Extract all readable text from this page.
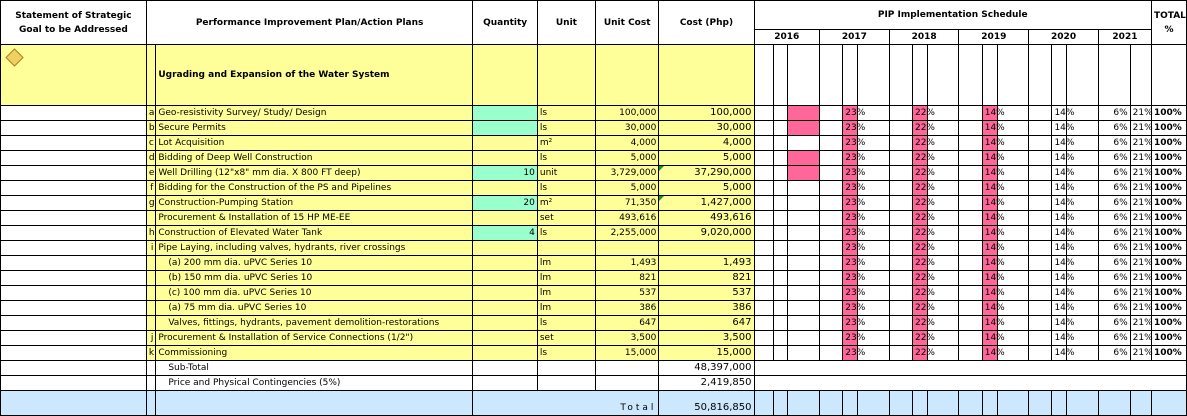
Statement of Strategic Goal to be Addressed	Performance Improvement Plan/Action Plans		Quantity	Unit	Unit Cost	Cost (Php)	PIP Implementation Schedule																	TOTAL %
							2016			2017			2018			2019			2020			2021		
		Ugrading and Expansion of the Water System																						
	a	Geo-resistivity Survey/ Study/ Design		ls	100,000	100,000					23%			22%			14%			14%		6%	21%	100%
	b	Secure Permits		ls	30,000	30,000					23%			22%			14%			14%		6%	21%	100%
	c	Lot Acquisition		m²	4,000	4,000					23%			22%			14%			14%		6%	21%	100%
	d	Bidding of Deep Well Construction		ls	5,000	5,000					23%			22%			14%			14%		6%	21%	100%
	e	Well Drilling (12"x8" mm dia. X 800 FT deep)	10	unit	3,729,000	37,290,000					23%			22%			14%			14%		6%	21%	100%
	f	Bidding for the Construction of the PS and Pipelines		ls	5,000	5,000					23%			22%			14%			14%		6%	21%	100%
	g	Construction-Pumping Station	20	m²	71,350	1,427,000					23%			22%			14%			14%		6%	21%	100%
		Procurement & Installation of 15 HP ME-EE		set	493,616	493,616					23%			22%			14%			14%		6%	21%	100%
	h	Construction of Elevated Water Tank	4	ls	2,255,000	9,020,000					23%			22%			14%			14%		6%	21%	100%
	i	Pipe Laying, including valves, hydrants, river crossings									23%			22%			14%			14%		6%	21%	100%
		(a) 200 mm dia. uPVC Series 10		lm	1,493	1,493					23%			22%			14%			14%		6%	21%	100%
		(b) 150 mm dia. uPVC Series 10		lm	821	821					23%			22%			14%			14%		6%	21%	100%
		(c) 100 mm dia. uPVC Series 10		lm	537	537					23%			22%			14%			14%		6%	21%	100%
		(a) 75 mm dia. uPVC Series 10		lm	386	386					23%			22%			14%			14%		6%	21%	100%
		Valves, fittings, hydrants, pavement demolition-restorations		ls	647	647					23%			22%			14%			14%		6%	21%	100%
	j	Procurement & Installation of Service Connections (1/2")		set	3,500	3,500					23%			22%			14%			14%		6%	21%	100%
	k	Commissioning		ls	15,000	15,000					23%			22%			14%			14%		6%	21%	100%
		Sub-Total				48,397,000																		
		Price and Physical Contingencies (5%)				2,419,850																		
			Total			50,816,850																		
